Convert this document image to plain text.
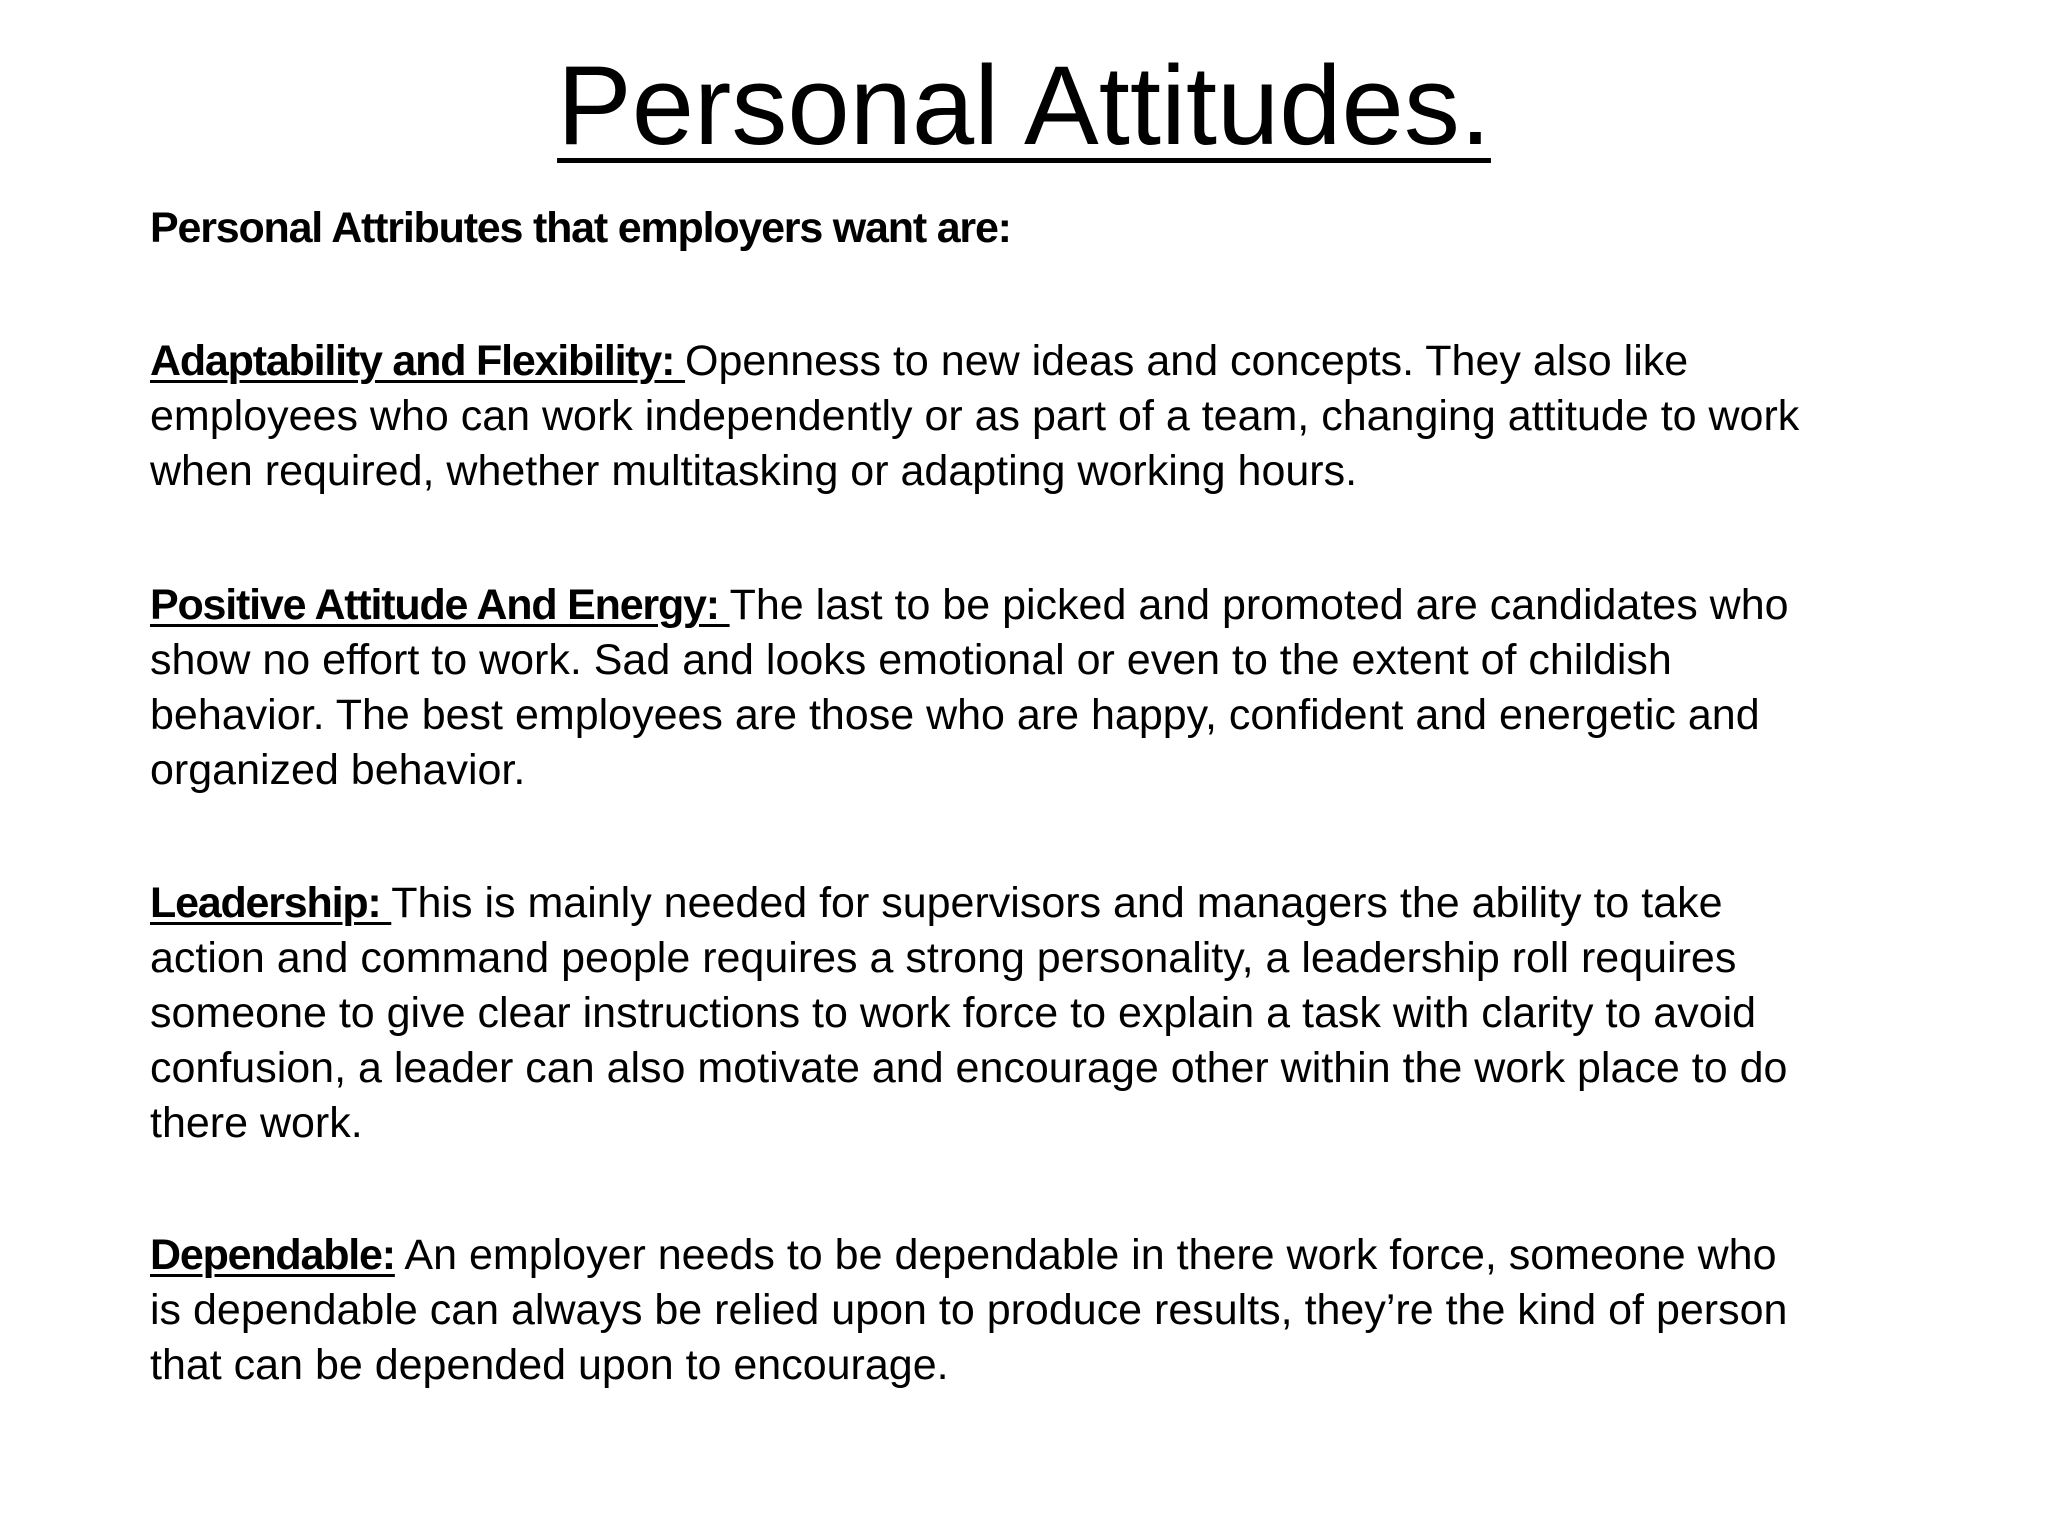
Personal Attitudes.

Personal Attributes that employers want are:

Adaptability and Flexibility: Openness to new ideas and concepts. They also like
employees who can work independently or as part of a team, changing attitude to work
when required, whether multitasking or adapting working hours.

Positive Attitude And Energy: The last to be picked and promoted are candidates who
show no effort to work. Sad and looks emotional or even to the extent of childish
behavior. The best employees are those who are happy, confident and energetic and
organized behavior.

Leadership: This is mainly needed for supervisors and managers the ability to take
action and command people requires a strong personality, a leadership roll requires
someone to give clear instructions to work force to explain a task with clarity to avoid
confusion, a leader can also motivate and encourage other within the work place to do
there work.

Dependable: An employer needs to be dependable in there work force, someone who
is dependable can always be relied upon to produce results, they’re the kind of person
that can be depended upon to encourage.
